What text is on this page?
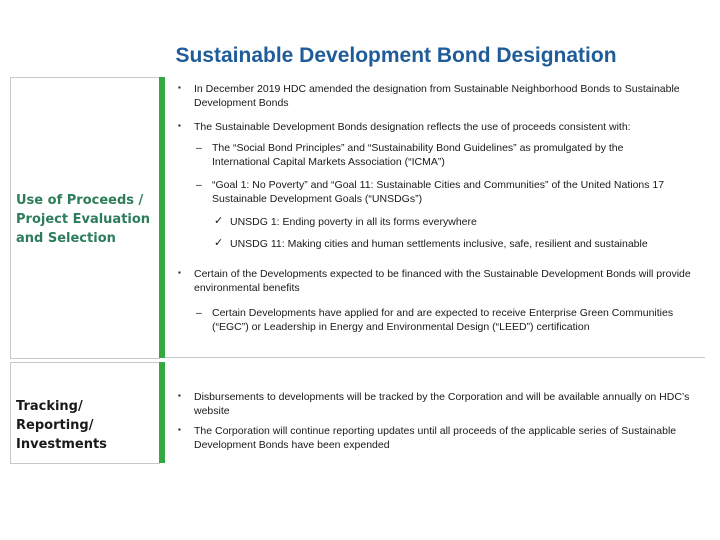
Sustainable Development Bond Designation
Use of Proceeds / Project Evaluation and Selection
Tracking/ Reporting/ Investments
▪ In December 2019 HDC amended the designation from Sustainable Neighborhood Bonds to Sustainable Development Bonds
▪ The Sustainable Development Bonds designation reflects the use of proceeds consistent with:
– The “Social Bond Principles” and “Sustainability Bond Guidelines” as promulgated by the International Capital Markets Association (“ICMA”)
– “Goal 1: No Poverty” and “Goal 11: Sustainable Cities and Communities” of the United Nations 17 Sustainable Development Goals (“UNSDGs”)
✓ UNSDG 1: Ending poverty in all its forms everywhere
✓ UNSDG 11: Making cities and human settlements inclusive, safe, resilient and sustainable
▪ Certain of the Developments expected to be financed with the Sustainable Development Bonds will provide environmental benefits
– Certain Developments have applied for and are expected to receive Enterprise Green Communities (“EGC”) or Leadership in Energy and Environmental Design (“LEED”) certification
▪ Disbursements to developments will be tracked by the Corporation and will be available annually on HDC’s website
▪ The Corporation will continue reporting updates until all proceeds of the applicable series of Sustainable Development Bonds have been expended
